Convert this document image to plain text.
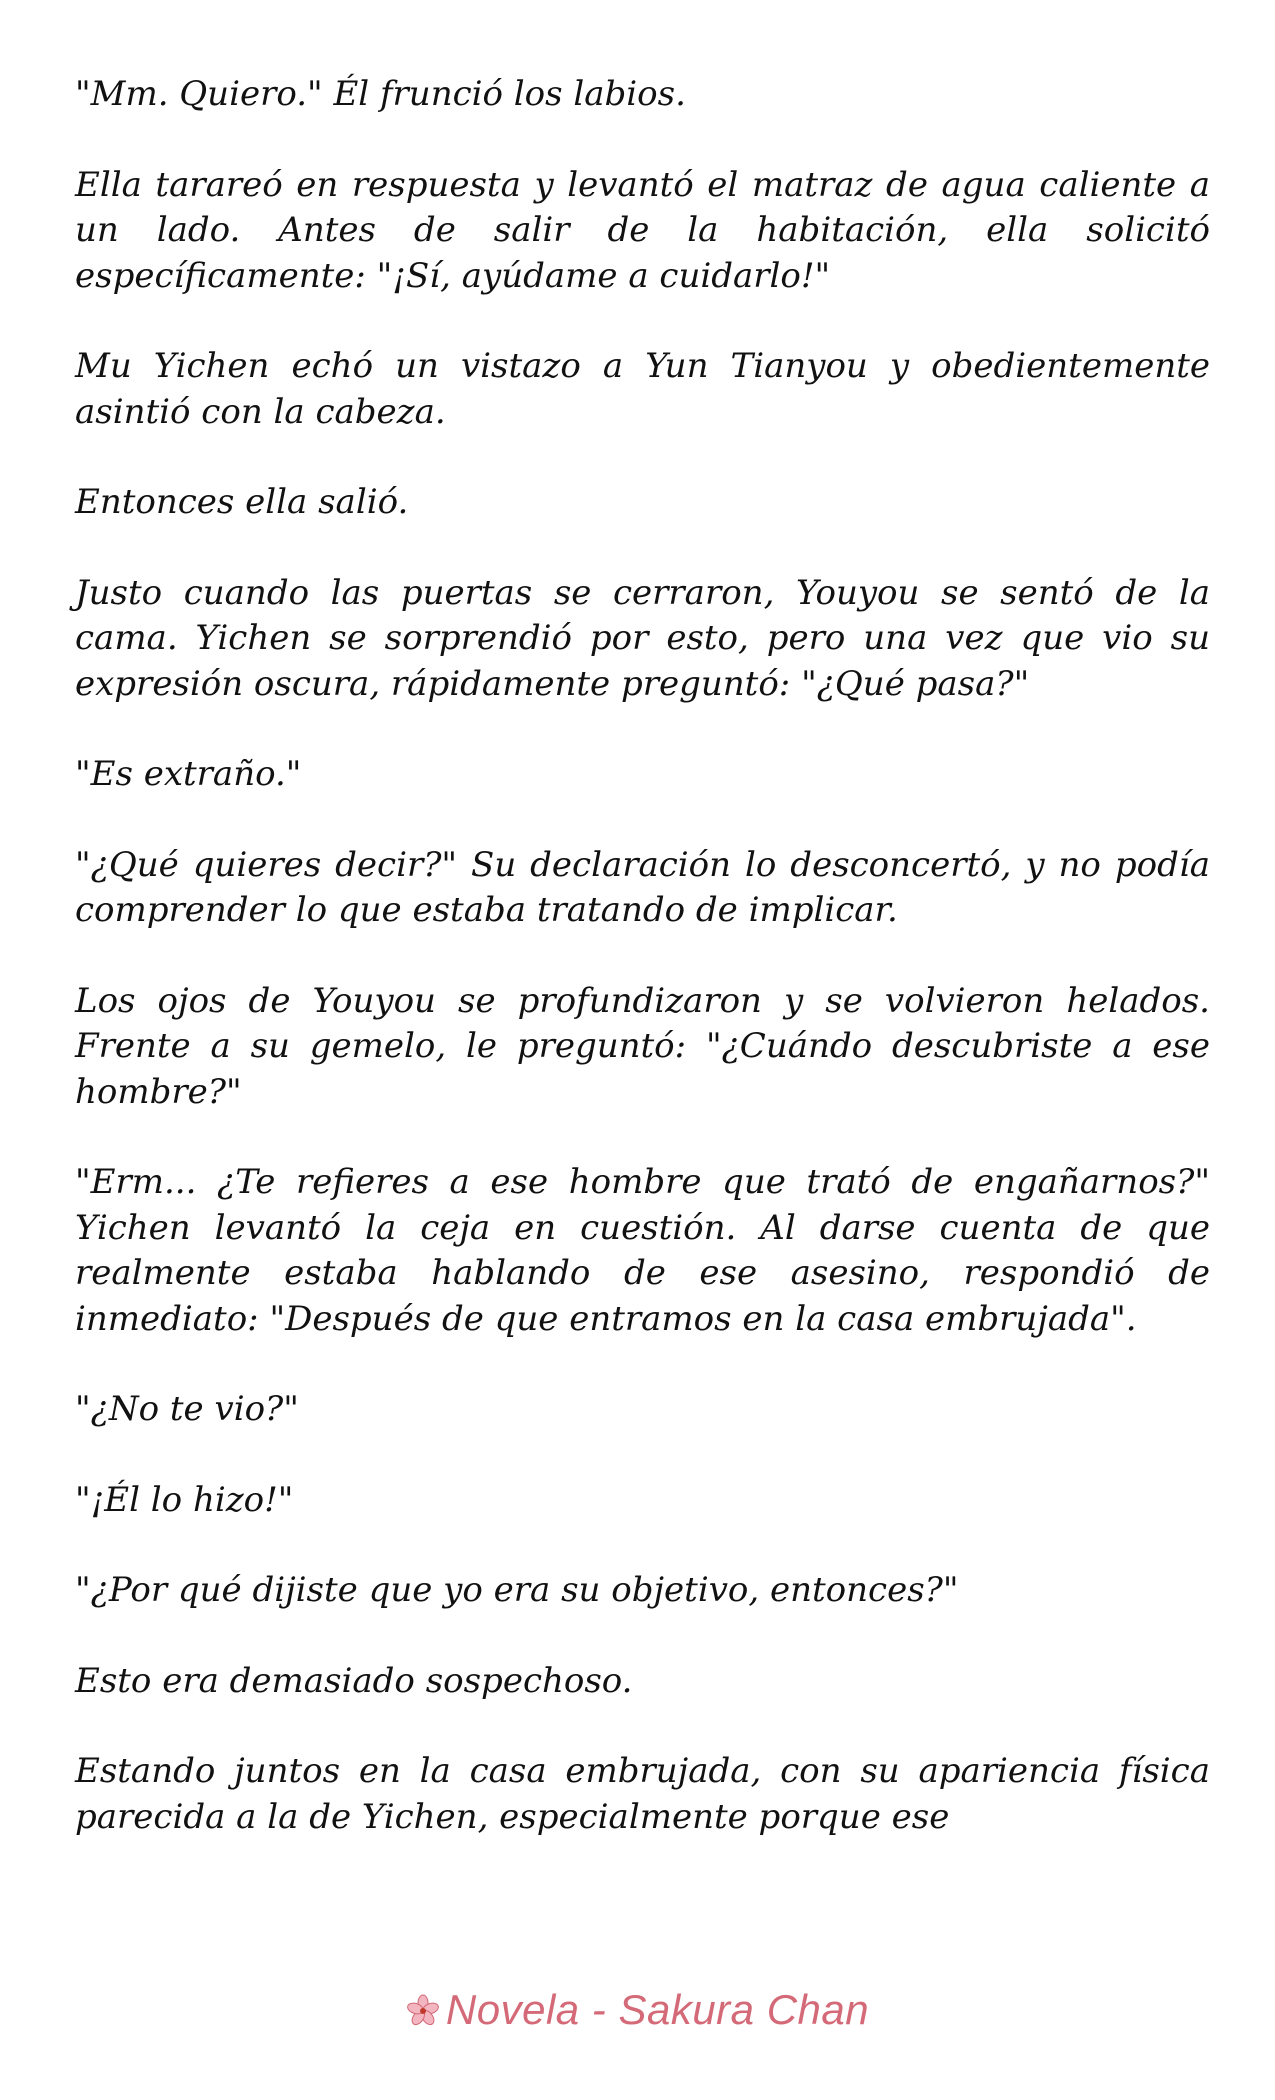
"Mm. Quiero." Él frunció los labios.

Ella tarareó en respuesta y levantó el matraz de agua caliente a un lado. Antes de salir de la habitación, ella solicitó específicamente: "¡Sí, ayúdame a cuidarlo!"

Mu Yichen echó un vistazo a Yun Tianyou y obedientemente asintió con la cabeza.

Entonces ella salió.

Justo cuando las puertas se cerraron, Youyou se sentó de la cama. Yichen se sorprendió por esto, pero una vez que vio su expresión oscura, rápidamente preguntó: "¿Qué pasa?"

"Es extraño."

"¿Qué quieres decir?" Su declaración lo desconcertó, y no podía comprender lo que estaba tratando de implicar.

Los ojos de Youyou se profundizaron y se volvieron helados. Frente a su gemelo, le preguntó: "¿Cuándo descubriste a ese hombre?"

"Erm... ¿Te refieres a ese hombre que trató de engañarnos?" Yichen levantó la ceja en cuestión. Al darse cuenta de que realmente estaba hablando de ese asesino, respondió de inmediato: "Después de que entramos en la casa embrujada".

"¿No te vio?"

"¡Él lo hizo!"

"¿Por qué dijiste que yo era su objetivo, entonces?"

Esto era demasiado sospechoso.

Estando juntos en la casa embrujada, con su apariencia física parecida a la de Yichen, especialmente porque ese

Novela - Sakura Chan
